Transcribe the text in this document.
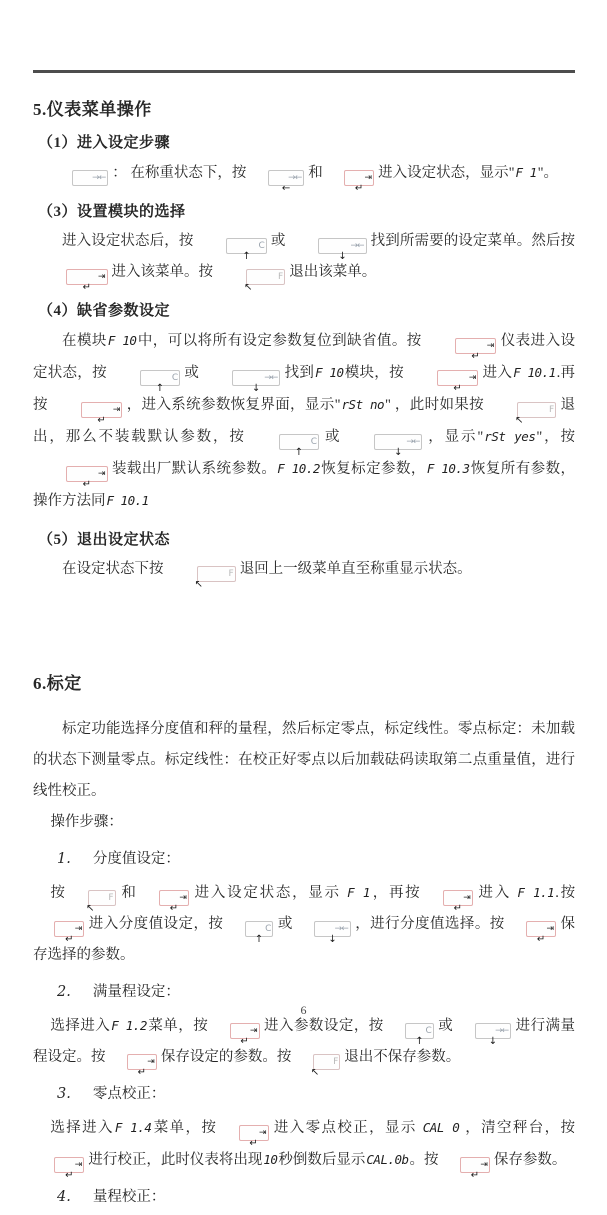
5.仪表菜单操作
（1）进入设定步骤
→← ： 在称重状态下，按	→←
←
和	⇥
↵
进入设定状态，显示"F 1"。
（3）设置模块的选择
进入设定状态后，按	C
↑
或	→←
↓
找到所需要的设定菜单。然后按⇥
↵
进入该菜单。按	F
↖
退出该菜单。
（4）缺省参数设定
在模块F 10中，可以将所有设定参数复位到缺省值。按	⇥
↵
仪表进入设定状态，按	C
↑
或	→←
↓
找到F 10模块，按	⇥
↵
进入F 10.1.再按	⇥
↵
，进入系统参数恢复界面，显示"rSt no" ，此时如果按	F
↖
退出，那么不装载默认参数，按	C
↑
或	→←
↓
，显示"rSt yes"，按⇥
↵
装载出厂默认系统参数。F 10.2恢复标定参数，F 10.3恢复所有参数，操作方法同F 10.1
（5）退出设定状态
在设定状态下按	F
↖
退回上一级菜单直至称重显示状态。
6.标定
标定功能选择分度值和秤的量程，然后标定零点，标定线性。零点标定：未加载的状态下测量零点。标定线性：在校正好零点以后加载砝码读取第二点重量值，进行线性校正。
操作步骤：
1. 分度值设定：
按	F
↖
和	⇥
↵
进入设定状态，显示 F 1，再按	⇥
↵
进入 F 1.1.按⇥
↵
进入分度值设定，按	C
↑
或	→←
↓
，进行分度值选择。按	⇥
↵
保存选择的参数。
2. 满量程设定：
选择进入F 1.2菜单，按	⇥
↵
进入参数设定，按	C
↑
或	→←
↓
进行满量程设定。按	⇥
↵
保存设定的参数。按	F
↖
退出不保存参数。
3. 零点校正：
选择进入F 1.4菜单，按	⇥
↵
进入零点校正，显示 CAL 0 ，清空秤台，按⇥
↵
进行校正，此时仪表将出现10秒倒数后显示CAL.0b。按	⇥
↵
保存参数。
4. 量程校正：
6
